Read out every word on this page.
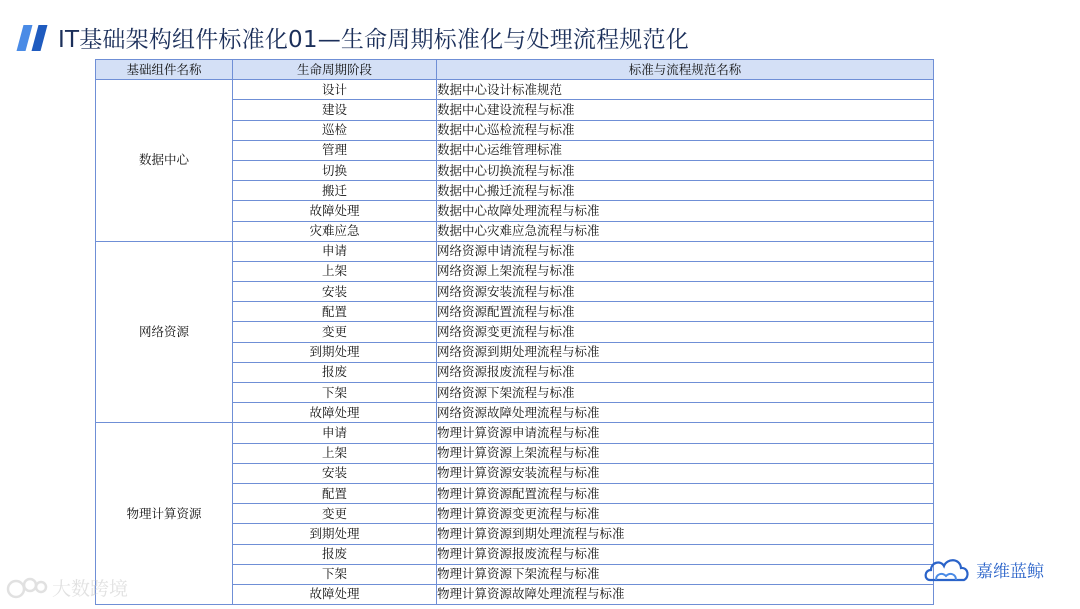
IT基础架构组件标准化01—生命周期标准化与处理流程规范化
基础组件名称	生命周期阶段	标准与流程规范名称
数据中心	设计	数据中心设计标准规范
	建设	数据中心建设流程与标准
	巡检	数据中心巡检流程与标准
	管理	数据中心运维管理标准
	切换	数据中心切换流程与标准
	搬迁	数据中心搬迁流程与标准
	故障处理	数据中心故障处理流程与标准
	灾难应急	数据中心灾难应急流程与标准
网络资源	申请	网络资源申请流程与标准
	上架	网络资源上架流程与标准
	安装	网络资源安装流程与标准
	配置	网络资源配置流程与标准
	变更	网络资源变更流程与标准
	到期处理	网络资源到期处理流程与标准
	报废	网络资源报废流程与标准
	下架	网络资源下架流程与标准
	故障处理	网络资源故障处理流程与标准
物理计算资源	申请	物理计算资源申请流程与标准
	上架	物理计算资源上架流程与标准
	安装	物理计算资源安装流程与标准
	配置	物理计算资源配置流程与标准
	变更	物理计算资源变更流程与标准
	到期处理	物理计算资源到期处理流程与标准
	报废	物理计算资源报废流程与标准
	下架	物理计算资源下架流程与标准
	故障处理	物理计算资源故障处理流程与标准
嘉维蓝鲸
大数跨境
